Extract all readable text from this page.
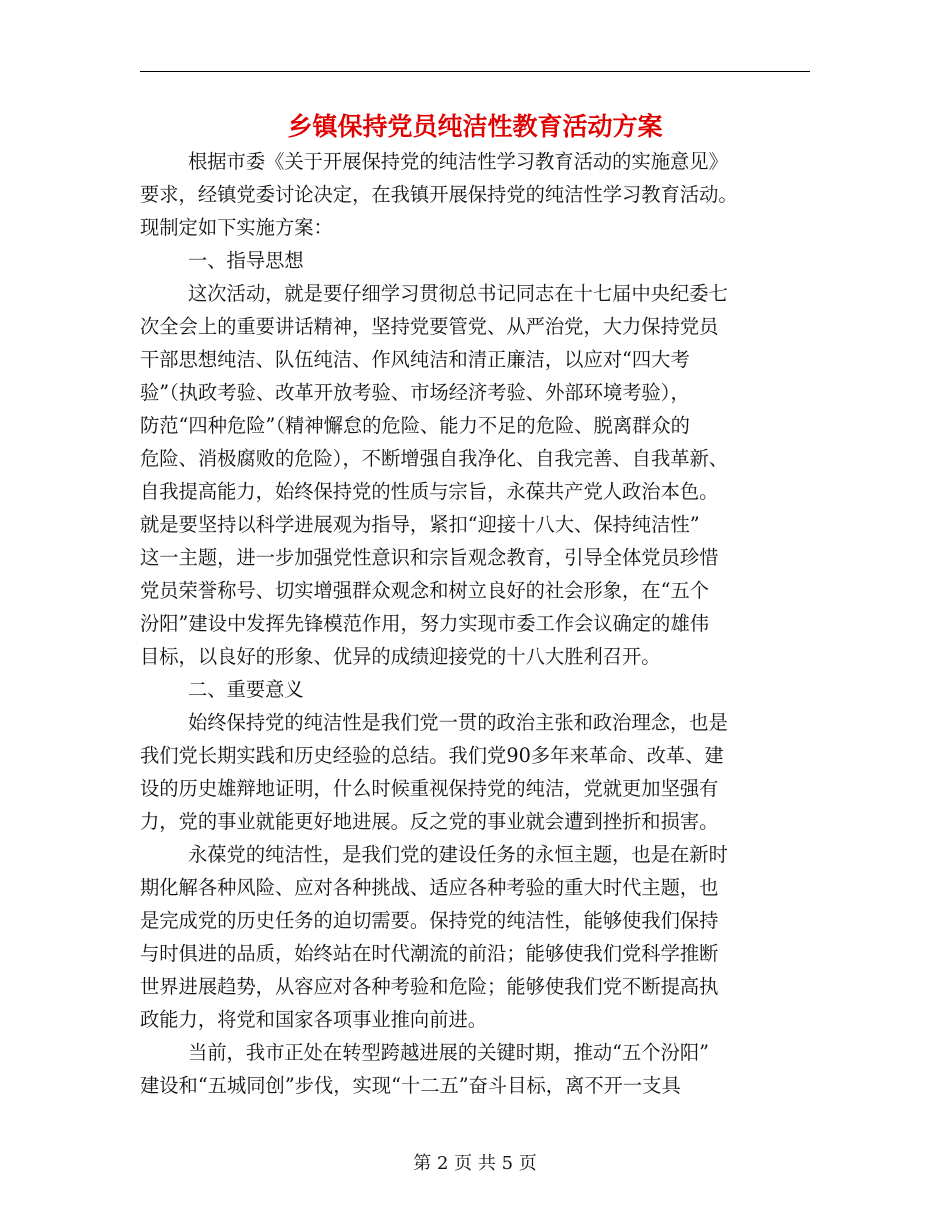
乡镇保持党员纯洁性教育活动方案
根据市委《关于开展保持党的纯洁性学习教育活动的实施意见》
要求，经镇党委讨论决定，在我镇开展保持党的纯洁性学习教育活动。
现制定如下实施方案：
一、指导思想
这次活动，就是要仔细学习贯彻总书记同志在十七届中央纪委七
次全会上的重要讲话精神，坚持党要管党、从严治党，大力保持党员
干部思想纯洁、队伍纯洁、作风纯洁和清正廉洁，以应对“四大考
验”（执政考验、改革开放考验、市场经济考验、外部环境考验），
防范“四种危险”（精神懈怠的危险、能力不足的危险、脱离群众的
危险、消极腐败的危险），不断增强自我净化、自我完善、自我革新、
自我提高能力，始终保持党的性质与宗旨，永葆共产党人政治本色。
就是要坚持以科学进展观为指导，紧扣“迎接十八大、保持纯洁性”
这一主题，进一步加强党性意识和宗旨观念教育，引导全体党员珍惜
党员荣誉称号、切实增强群众观念和树立良好的社会形象，在“五个
汾阳”建设中发挥先锋模范作用，努力实现市委工作会议确定的雄伟
目标，以良好的形象、优异的成绩迎接党的十八大胜利召开。
二、重要意义
始终保持党的纯洁性是我们党一贯的政治主张和政治理念，也是
我们党长期实践和历史经验的总结。我们党90多年来革命、改革、建
设的历史雄辩地证明，什么时候重视保持党的纯洁，党就更加坚强有
力，党的事业就能更好地进展。反之党的事业就会遭到挫折和损害。
永葆党的纯洁性，是我们党的建设任务的永恒主题，也是在新时
期化解各种风险、应对各种挑战、适应各种考验的重大时代主题，也
是完成党的历史任务的迫切需要。保持党的纯洁性，能够使我们保持
与时俱进的品质，始终站在时代潮流的前沿；能够使我们党科学推断
世界进展趋势，从容应对各种考验和危险；能够使我们党不断提高执
政能力，将党和国家各项事业推向前进。
当前，我市正处在转型跨越进展的关键时期，推动“五个汾阳”
建设和“五城同创”步伐，实现“十二五”奋斗目标，离不开一支具
第 2 页 共 5 页
